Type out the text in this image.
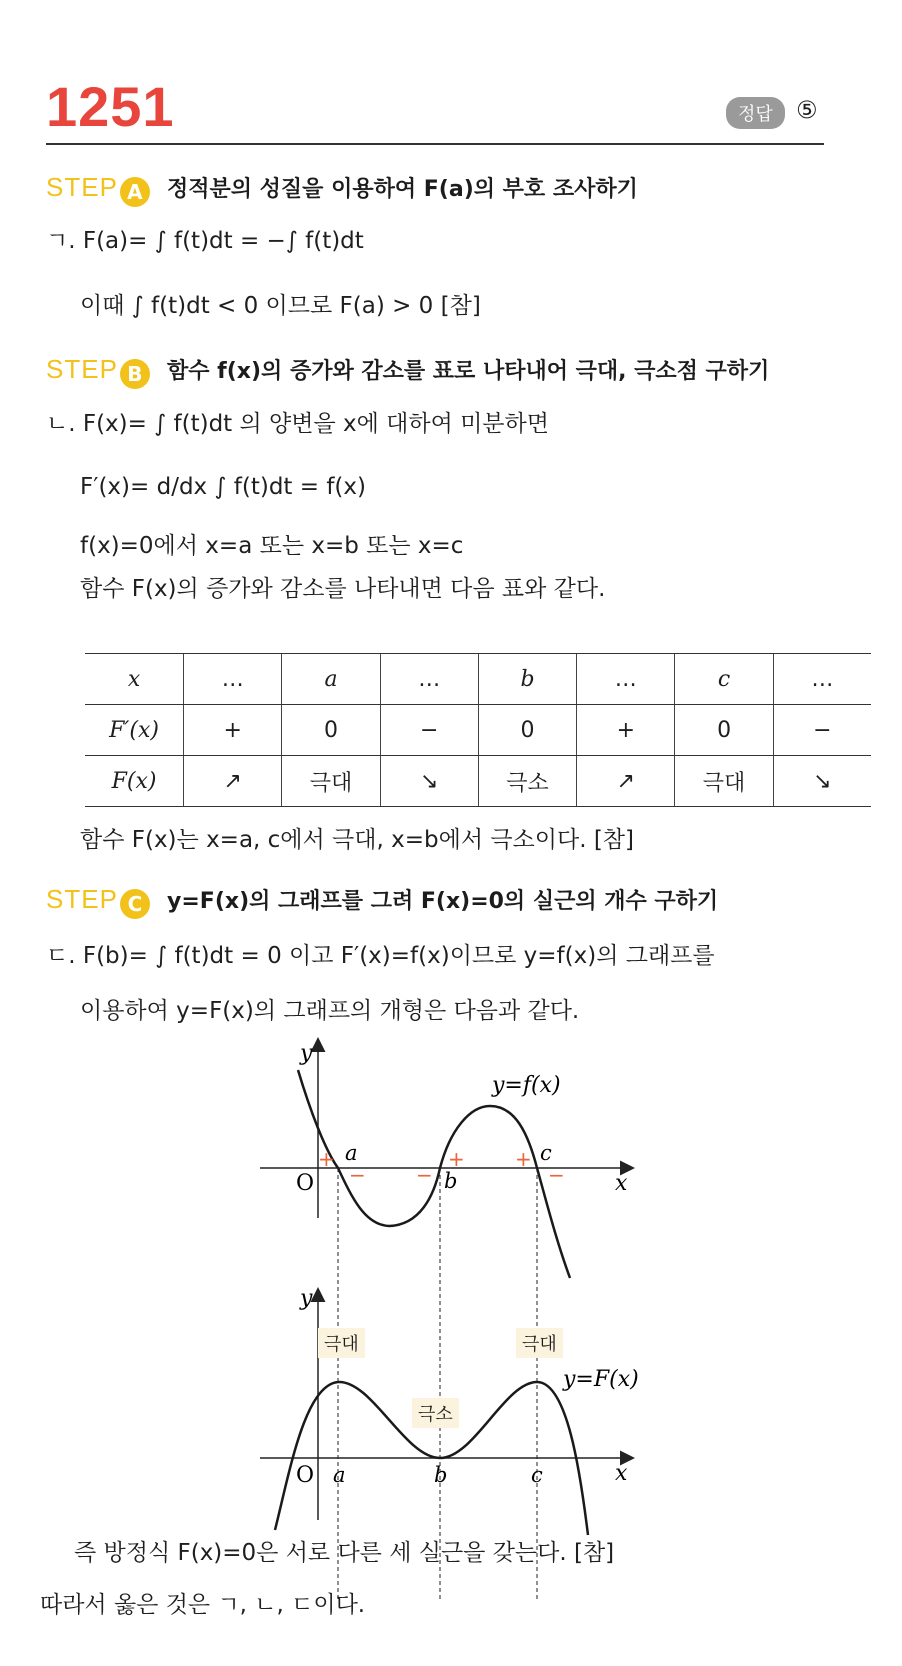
1251	정답 ⑤
STEP A 정적분의 성질을 이용하여 F(a)의 부호 조사하기
ㄱ. F(a)= ∫ f(t)dt = −∫ f(t)dt
이때 ∫ f(t)dt < 0 이므로 F(a) > 0 [참]
STEP B 함수 f(x)의 증가와 감소를 표로 나타내어 극대, 극소점 구하기
ㄴ. F(x)= ∫ f(t)dt 의 양변을 x에 대하여 미분하면
F′(x)= d/dx ∫ f(t)dt = f(x)
f(x)=0에서 x=a 또는 x=b 또는 x=c
함수 F(x)의 증가와 감소를 나타내면 다음 표와 같다.
x	…	a	…	b	…	c	…
F′(x)	+	0	−	0	+	0	−
F(x)	↗	극대	↘	극소	↗	극대	↘
함수 F(x)는 x=a, c에서 극대, x=b에서 극소이다. [참]
STEP C y=F(x)의 그래프를 그려 F(x)=0의 실근의 개수 구하기
ㄷ. F(b)= ∫ f(t)dt = 0 이고 F′(x)=f(x)이므로 y=f(x)의 그래프를
이용하여 y=F(x)의 그래프의 개형은 다음과 같다.
y
x
O
y=f(x)
a
b
c
+
−	−
+	+
−
y
x
O
y=F(x)
a	b	c
극대
극소
극대
즉 방정식 F(x)=0은 서로 다른 세 실근을 갖는다. [참]
따라서 옳은 것은 ㄱ, ㄴ, ㄷ이다.
